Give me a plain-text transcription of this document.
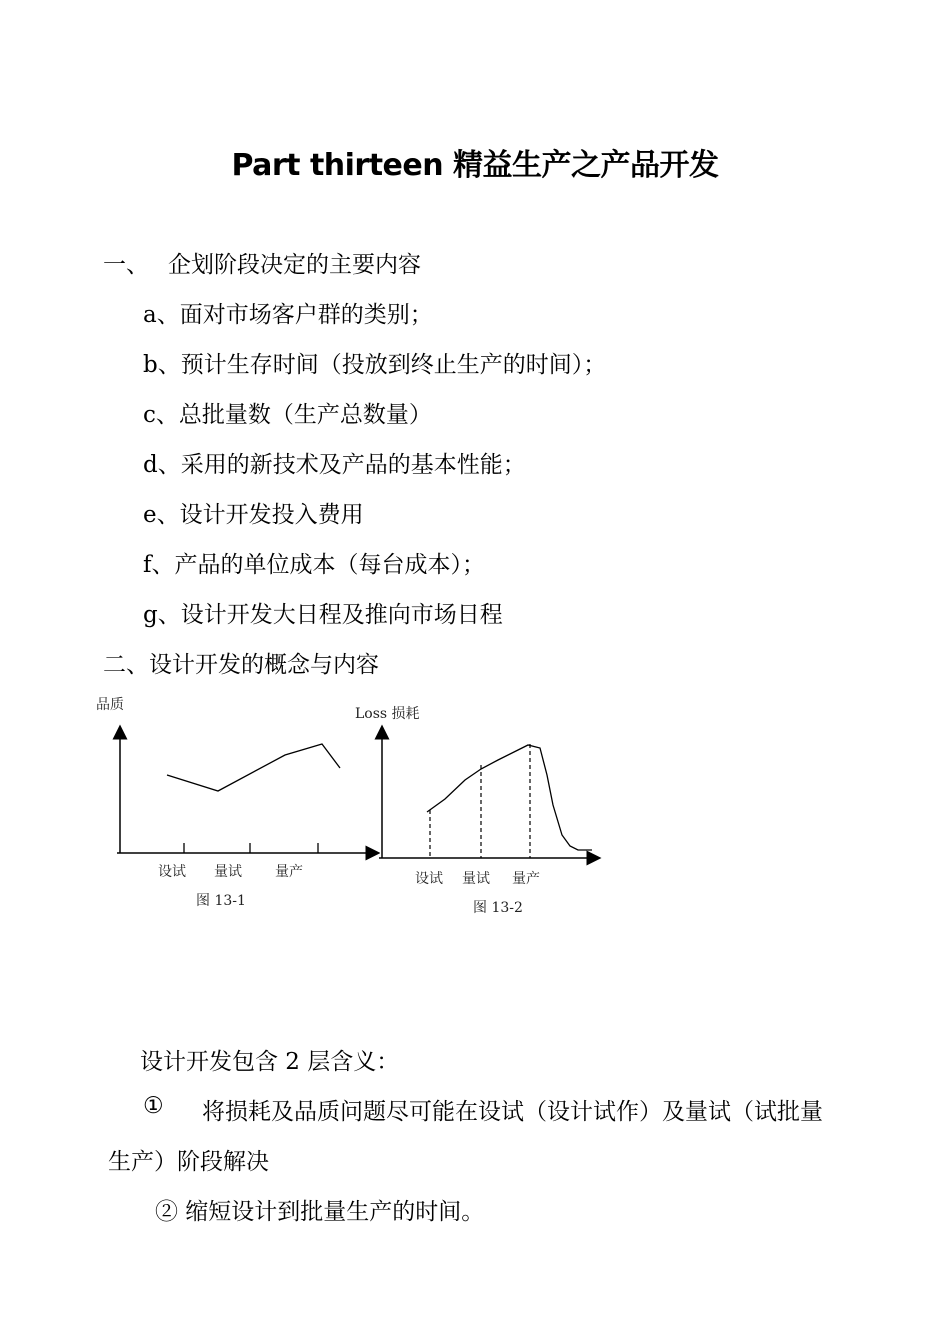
Part thirteen 精益生产之产品开发
一、 企划阶段决定的主要内容
a、面对市场客户群的类别；
b、预计生存时间（投放到终止生产的时间）；
c、总批量数（生产总数量）
d、采用的新技术及产品的基本性能；
e、设计开发投入费用
f、产品的单位成本（每台成本）；
g、设计开发大日程及推向市场日程
二、设计开发的概念与内容
品质
设试 量试 量产
图 13-1
Loss 损耗
设试 量试 量产
图 13-2
设计开发包含 2 层含义：
① 将损耗及品质问题尽可能在设试（设计试作）及量试（试批量
生产）阶段解决
② 缩短设计到批量生产的时间。
